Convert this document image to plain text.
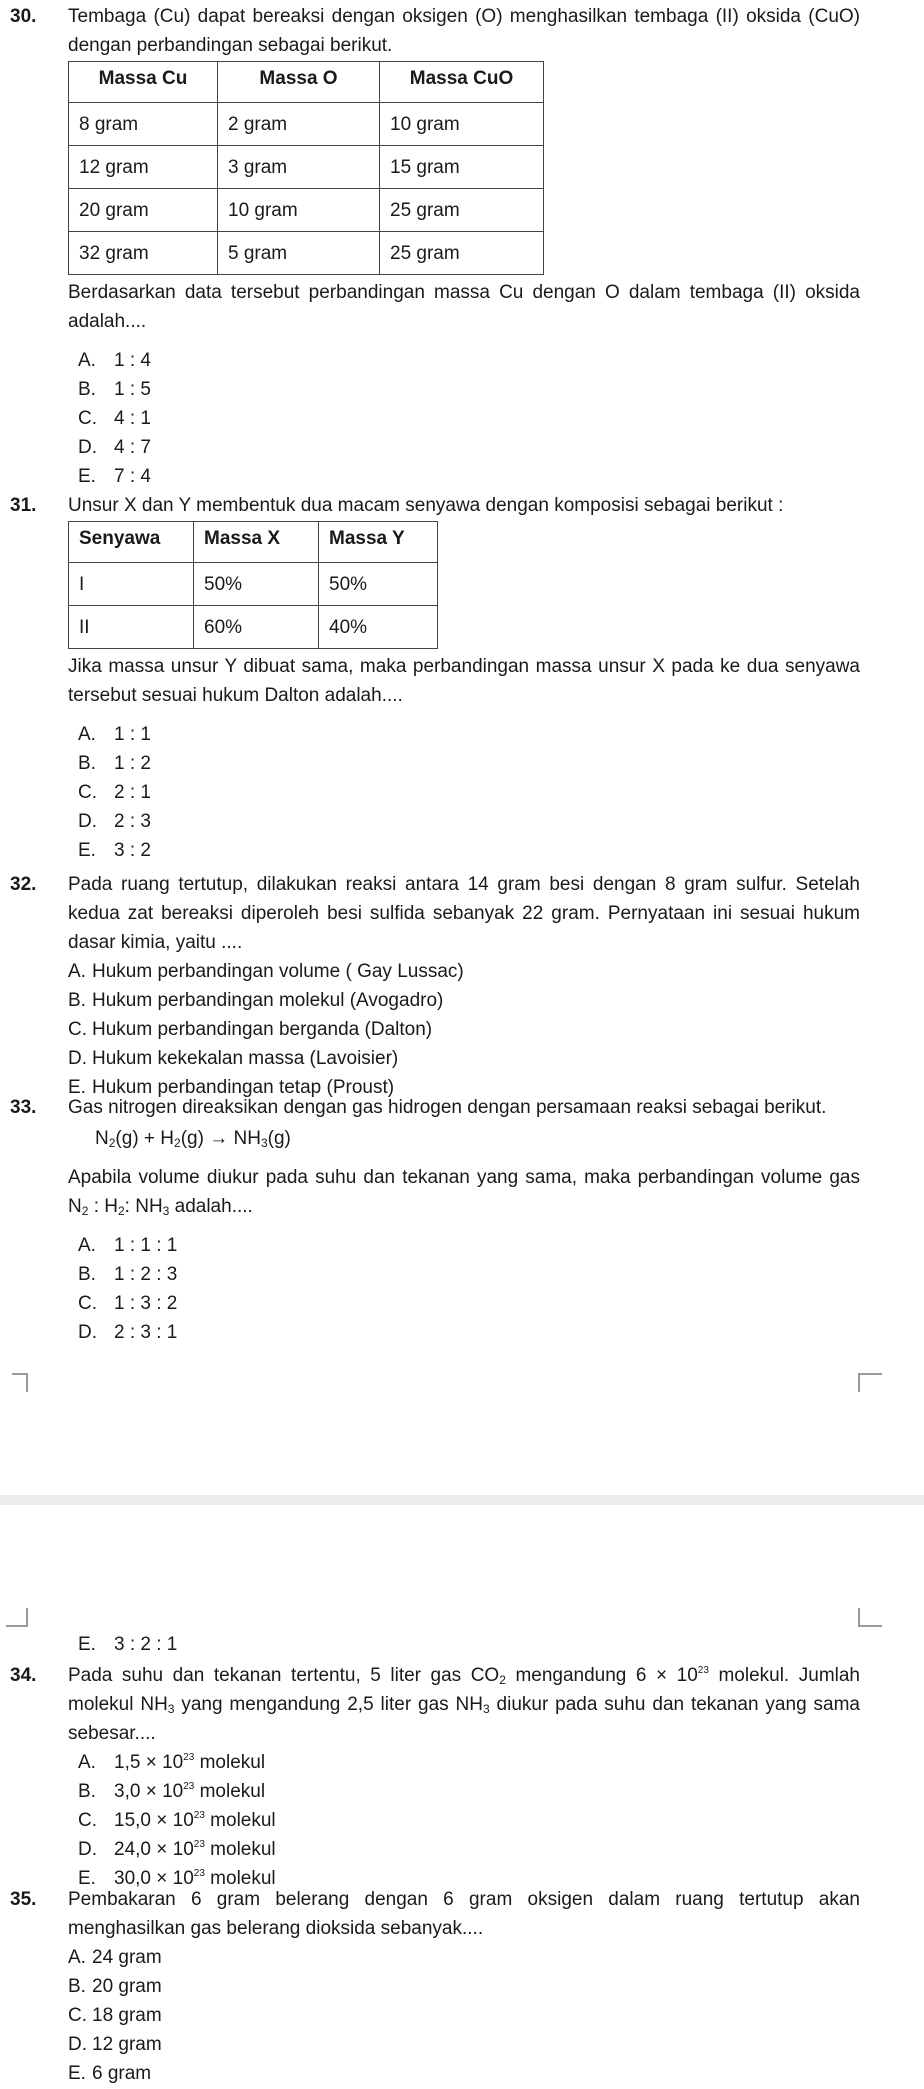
30. Tembaga (Cu) dapat bereaksi dengan oksigen (O) menghasilkan tembaga (II) oksida (CuO) dengan perbandingan sebagai berikut.
Massa Cu	Massa O	Massa CuO
8 gram	2 gram	10 gram
12 gram	3 gram	15 gram
20 gram	10 gram	25 gram
32 gram	5 gram	25 gram
Berdasarkan data tersebut perbandingan massa Cu dengan O dalam tembaga (II) oksida adalah....
A. 1 : 4
B. 1 : 5
C. 4 : 1
D. 4 : 7
E. 7 : 4
31. Unsur X dan Y membentuk dua macam senyawa dengan komposisi sebagai berikut :
Senyawa	Massa X	Massa Y
I	50%	50%
II	60%	40%
Jika massa unsur Y dibuat sama, maka perbandingan massa unsur X pada ke dua senyawa tersebut sesuai hukum Dalton adalah....
A. 1 : 1
B. 1 : 2
C. 2 : 1
D. 2 : 3
E. 3 : 2
32. Pada ruang tertutup, dilakukan reaksi antara 14 gram besi dengan 8 gram sulfur. Setelah kedua zat bereaksi diperoleh besi sulfida sebanyak 22 gram. Pernyataan ini sesuai hukum dasar kimia, yaitu ....
A. Hukum perbandingan volume ( Gay Lussac)
B. Hukum perbandingan molekul (Avogadro)
C. Hukum perbandingan berganda (Dalton)
D. Hukum kekekalan massa (Lavoisier)
E. Hukum perbandingan tetap (Proust)
33. Gas nitrogen direaksikan dengan gas hidrogen dengan persamaan reaksi sebagai berikut.
$N_2(g) + H_2(g) \to NH_3(g)$
Apabila volume diukur pada suhu dan tekanan yang sama, maka perbandingan volume gas $N_2$ : $H_2$: $NH_3$ adalah....
A. 1 : 1 : 1
B. 1 : 2 : 3
C. 1 : 3 : 2
D. 2 : 3 : 1
E. 3 : 2 : 1
34. Pada suhu dan tekanan tertentu, 5 liter gas $CO_2$ mengandung $6 \times 10^{23}$ molekul. Jumlah molekul $NH_3$ yang mengandung 2,5 liter gas $NH_3$ diukur pada suhu dan tekanan yang sama sebesar....
A. $1,5 \times 10^{23}$ molekul
B. $3,0 \times 10^{23}$ molekul
C. $15,0 \times 10^{23}$ molekul
D. $24,0 \times 10^{23}$ molekul
E. $30,0 \times 10^{23}$ molekul
35. Pembakaran 6 gram belerang dengan 6 gram oksigen dalam ruang tertutup akan menghasilkan gas belerang dioksida sebanyak....
A. 24 gram
B. 20 gram
C. 18 gram
D. 12 gram
E. 6 gram
